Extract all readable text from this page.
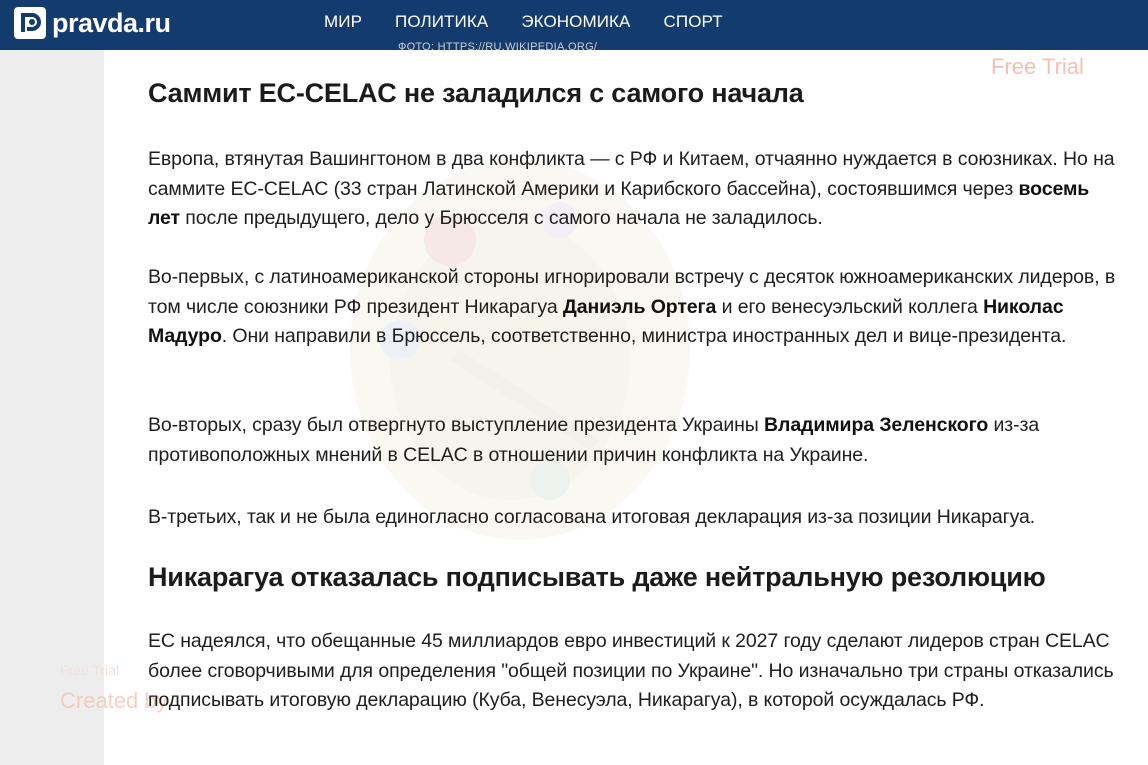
pravda.ru	МИР ПОЛИТИКА ЭКОНОМИКА СПОРТ
ФОТО: HTTPS://RU.WIKIPEDIA.ORG/
Free Trial
Free Trial
Created by
Саммит ЕС-CELAC не заладился с самого начала

Европа, втянутая Вашингтоном в два конфликта — с РФ и Китаем, отчаянно нуждается в союзниках. Но на саммите ЕС-CELAC (33 стран Латинской Америки и Карибского бассейна), состоявшимся через восемь лет после предыдущего, дело у Брюсселя с самого начала не заладилось.

Во-первых, с латиноамериканской стороны игнорировали встречу с десяток южноамериканских лидеров, в том числе союзники РФ президент Никарагуа Даниэль Ортега и его венесуэльский коллега Николас Мадуро. Они направили в Брюссель, соответственно, министра иностранных дел и вице-президента.

Во-вторых, сразу был отвергнуто выступление президента Украины Владимира Зеленского из-за противоположных мнений в CELAC в отношении причин конфликта на Украине.

В-третьих, так и не была единогласно согласована итоговая декларация из-за позиции Никарагуа.

Никарагуа отказалась подписывать даже нейтральную резолюцию

ЕС надеялся, что обещанные 45 миллиардов евро инвестиций к 2027 году сделают лидеров стран CELAC более сговорчивыми для определения "общей позиции по Украине". Но изначально три страны отказались подписывать итоговую декларацию (Куба, Венесуэла, Никарагуа), в которой осуждалась РФ.
